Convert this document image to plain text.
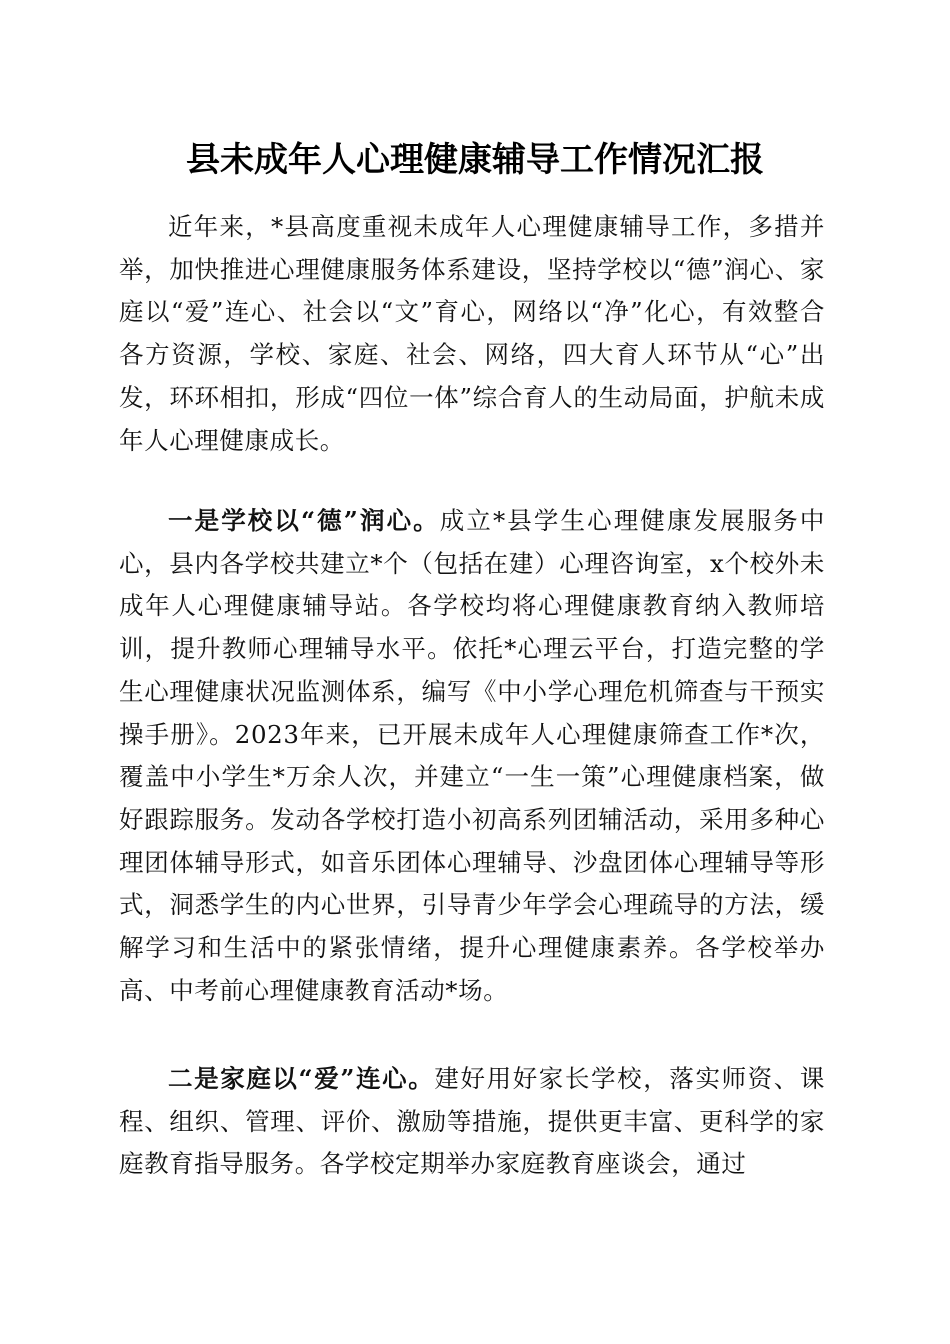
县未成年人心理健康辅导工作情况汇报

近年来，*县高度重视未成年人心理健康辅导工作，多措并举，加快推进心理健康服务体系建设，坚持学校以“德”润心、家庭以“爱”连心、社会以“文”育心，网络以“净”化心，有效整合各方资源，学校、家庭、社会、网络，四大育人环节从“心”出发，环环相扣，形成“四位一体”综合育人的生动局面，护航未成年人心理健康成长。

一是学校以“德”润心。成立*县学生心理健康发展服务中心，县内各学校共建立*个（包括在建）心理咨询室，x个校外未成年人心理健康辅导站。各学校均将心理健康教育纳入教师培训，提升教师心理辅导水平。依托*心理云平台，打造完整的学生心理健康状况监测体系，编写《中小学心理危机筛查与干预实操手册》。2023年来，已开展未成年人心理健康筛查工作*次，覆盖中小学生*万余人次，并建立“一生一策”心理健康档案，做好跟踪服务。发动各学校打造小初高系列团辅活动，采用多种心理团体辅导形式，如音乐团体心理辅导、沙盘团体心理辅导等形式，洞悉学生的内心世界，引导青少年学会心理疏导的方法，缓解学习和生活中的紧张情绪，提升心理健康素养。各学校举办高、中考前心理健康教育活动*场。

二是家庭以“爱”连心。建好用好家长学校，落实师资、课程、组织、管理、评价、激励等措施，提供更丰富、更科学的家庭教育指导服务。各学校定期举办家庭教育座谈会，通过
